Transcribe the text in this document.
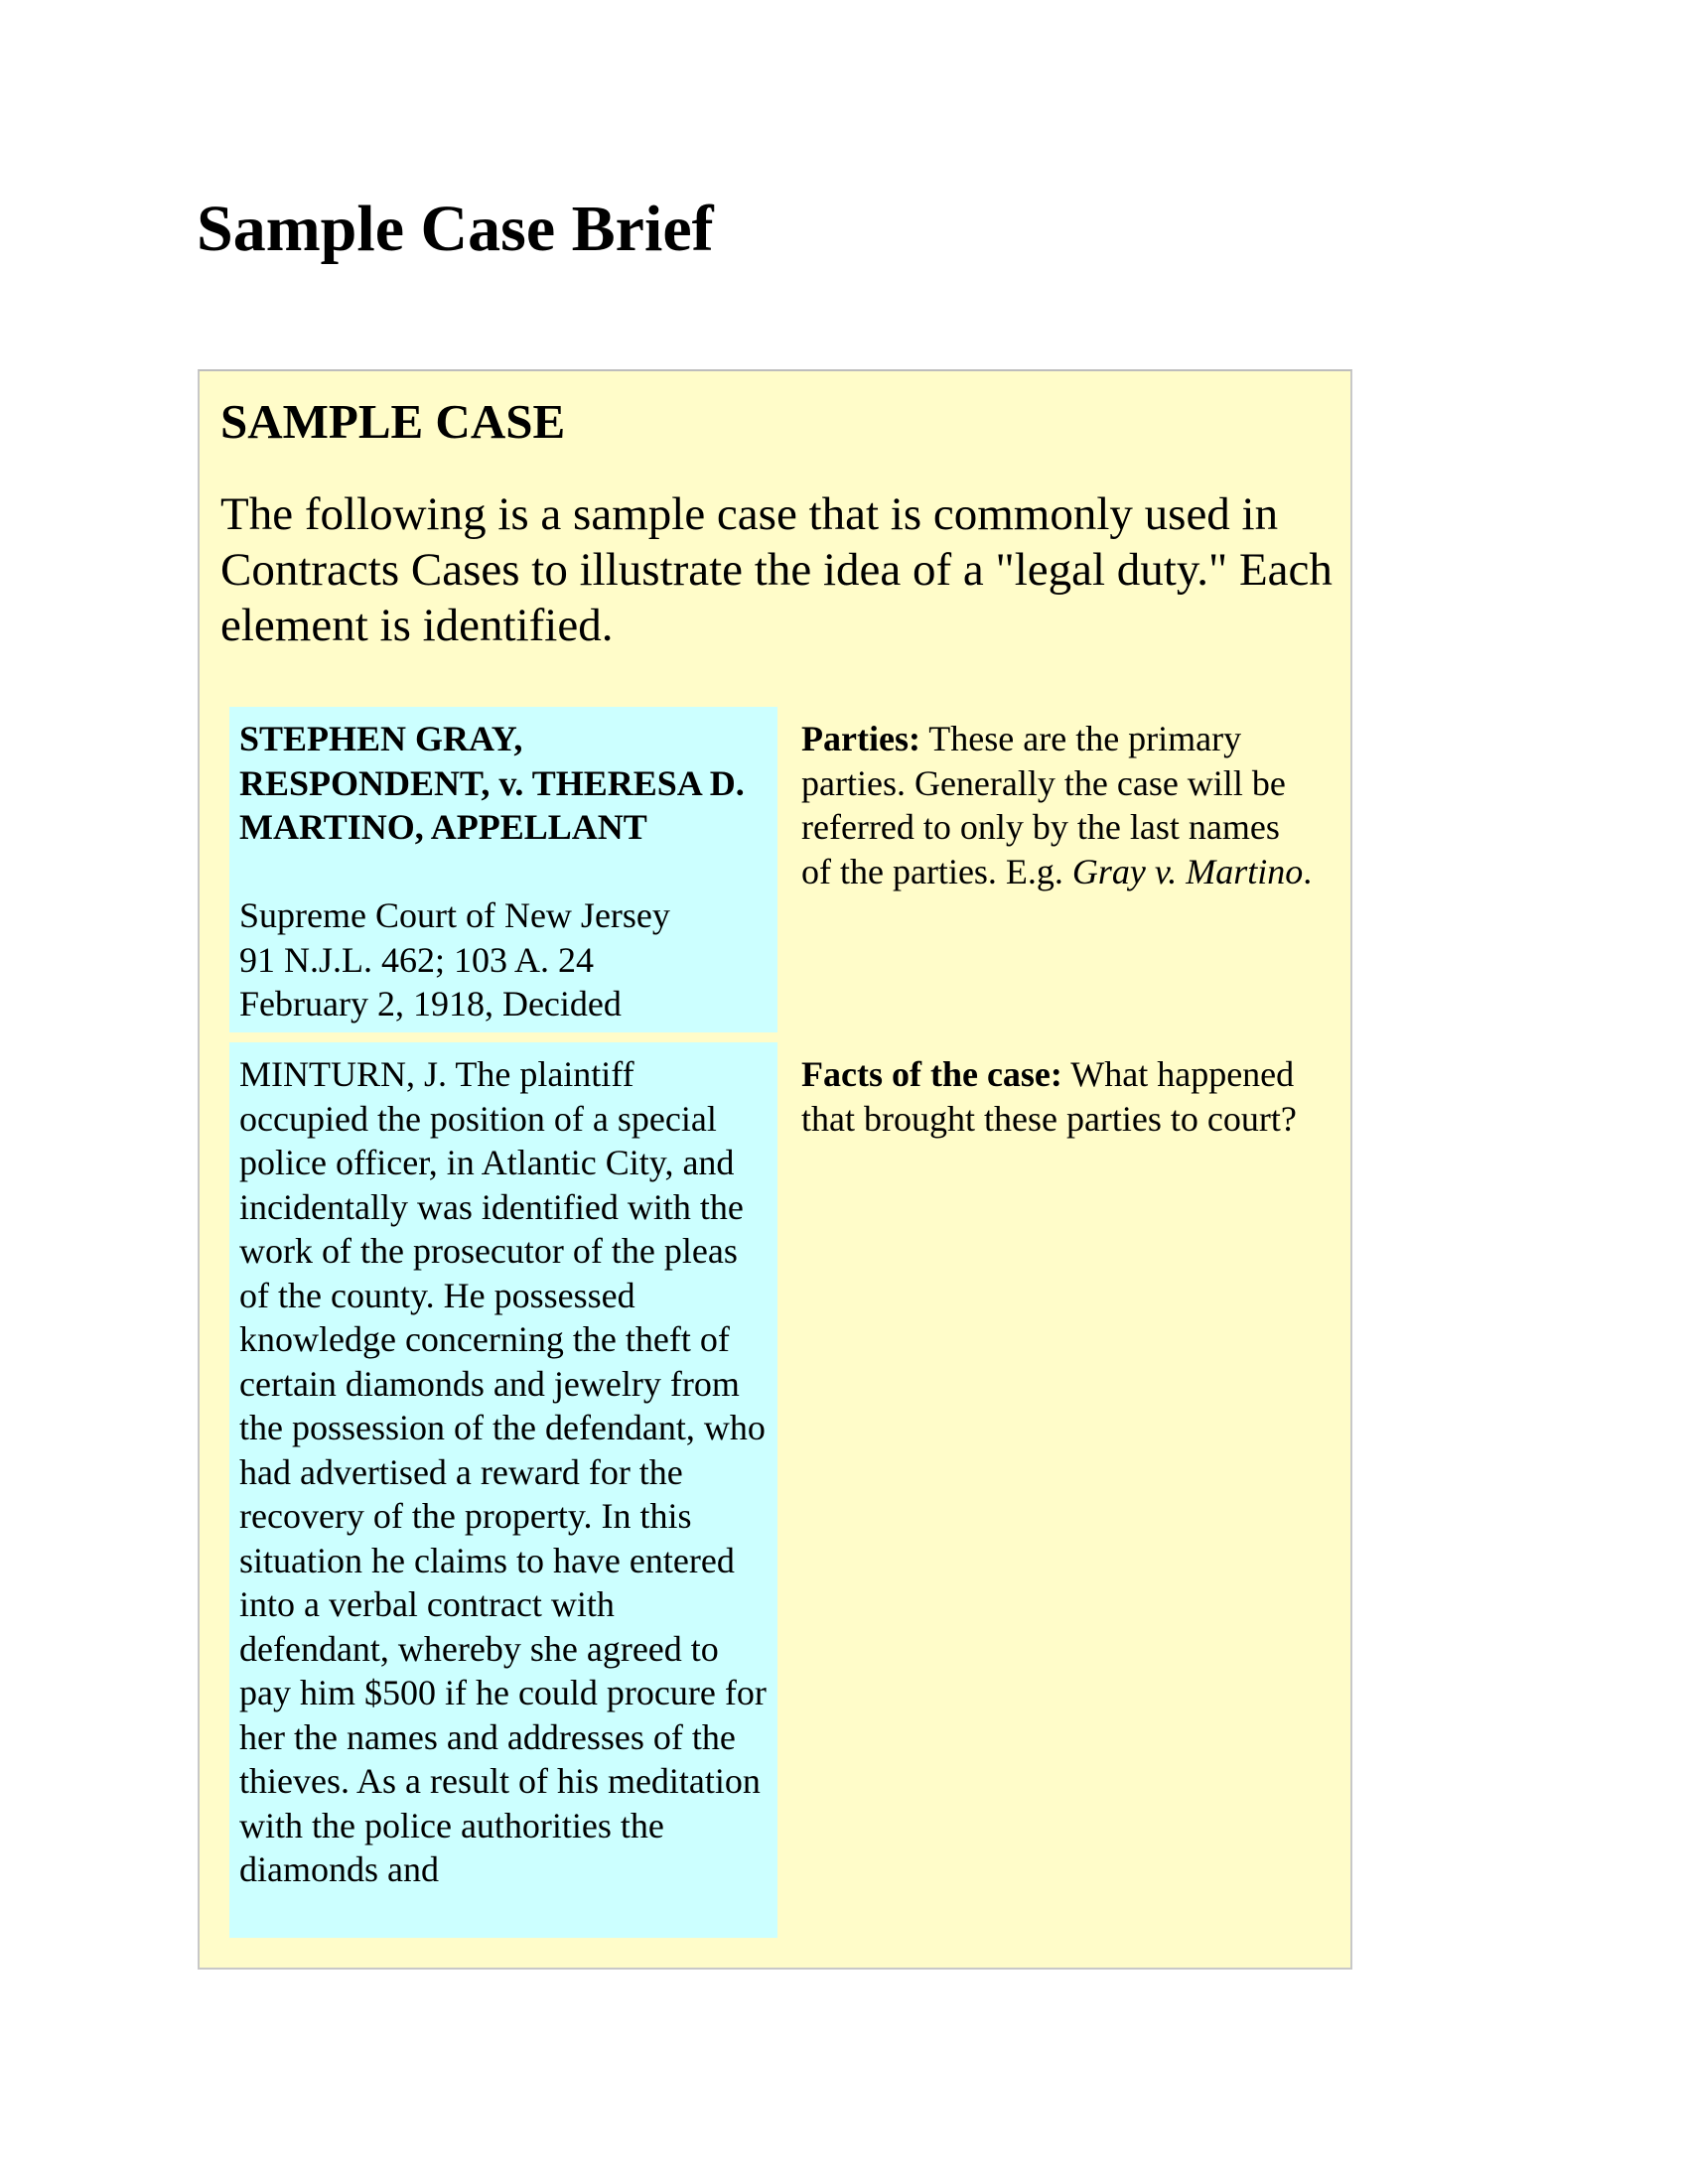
Sample Case Brief
SAMPLE CASE

The following is a sample case that is commonly used in Contracts Cases to illustrate the idea of a "legal duty." Each element is identified.

STEPHEN GRAY, RESPONDENT, v. THERESA D. MARTINO, APPELLANT

Supreme Court of New Jersey
91 N.J.L. 462; 103 A. 24
February 2, 1918, Decided

Parties: These are the primary parties. Generally the case will be referred to only by the last names of the parties. E.g. Gray v. Martino.

MINTURN, J. The plaintiff occupied the position of a special police officer, in Atlantic City, and incidentally was identified with the work of the prosecutor of the pleas of the county. He possessed knowledge concerning the theft of certain diamonds and jewelry from the possession of the defendant, who had advertised a reward for the recovery of the property. In this situation he claims to have entered into a verbal contract with defendant, whereby she agreed to pay him $500 if he could procure for her the names and addresses of the thieves. As a result of his meditation with the police authorities the diamonds and

Facts of the case: What happened that brought these parties to court?
